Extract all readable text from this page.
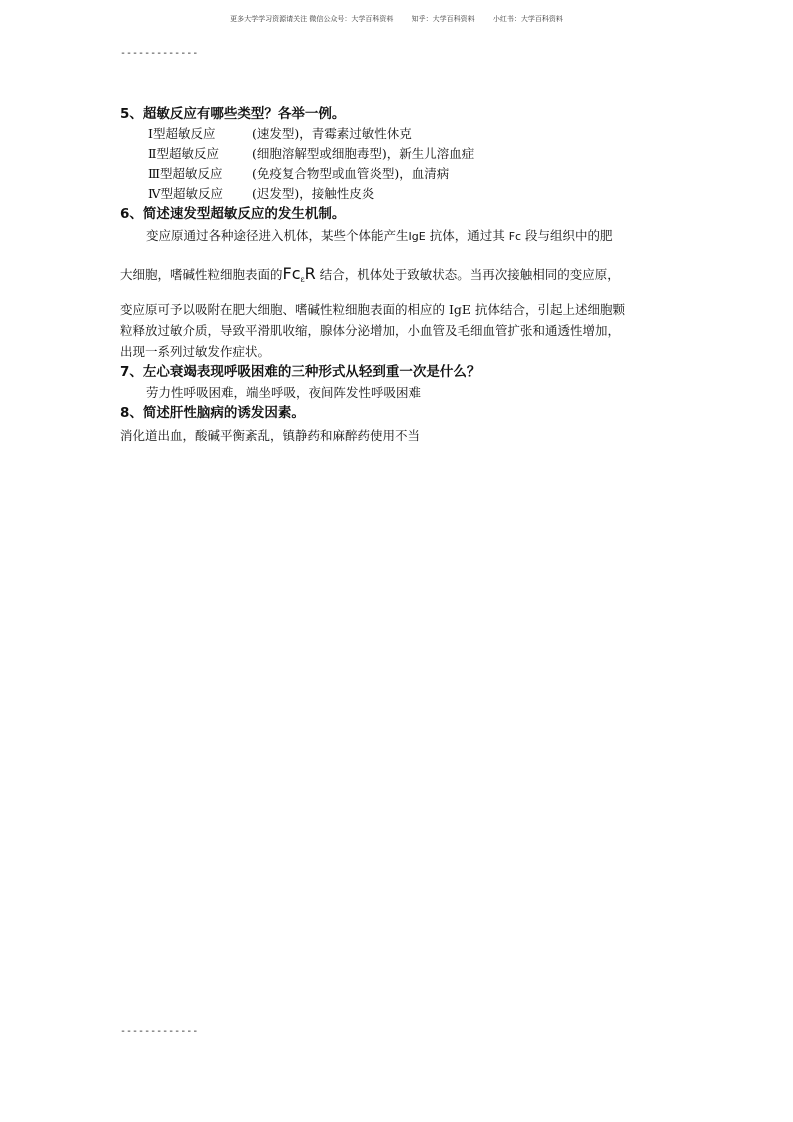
更多大学学习资源请关注 微信公众号：大学百科资料	知乎：大学百科资料	小红书：大学百科资料
-------------

5、超敏反应有哪些类型？各举一例。

Ⅰ型超敏反应	(速发型)，青霉素过敏性休克
Ⅱ型超敏反应	(细胞溶解型或细胞毒型)，新生儿溶血症
Ⅲ型超敏反应	(免疫复合物型或血管炎型)，血清病
Ⅳ型超敏反应	(迟发型)，接触性皮炎

6、简述速发型超敏反应的发生机制。

变应原通过各种途径进入机体，某些个体能产生IgE 抗体，通过其 Fc 段与组织中的肥
大细胞，嗜碱性粒细胞表面的$Fc_\varepsilon R$ 结合，机体处于致敏状态。当再次接触相同的变应原，
变应原可予以吸附在肥大细胞、嗜碱性粒细胞表面的相应的 IgE 抗体结合，引起上述细胞颗
粒释放过敏介质，导致平滑肌收缩，腺体分泌增加，小血管及毛细血管扩张和通透性增加，
出现一系列过敏发作症状。

7、左心衰竭表现呼吸困难的三种形式从轻到重一次是什么？

劳力性呼吸困难，端坐呼吸，夜间阵发性呼吸困难

8、简述肝性脑病的诱发因素。

消化道出血，酸碱平衡紊乱，镇静药和麻醉药使用不当
-------------
